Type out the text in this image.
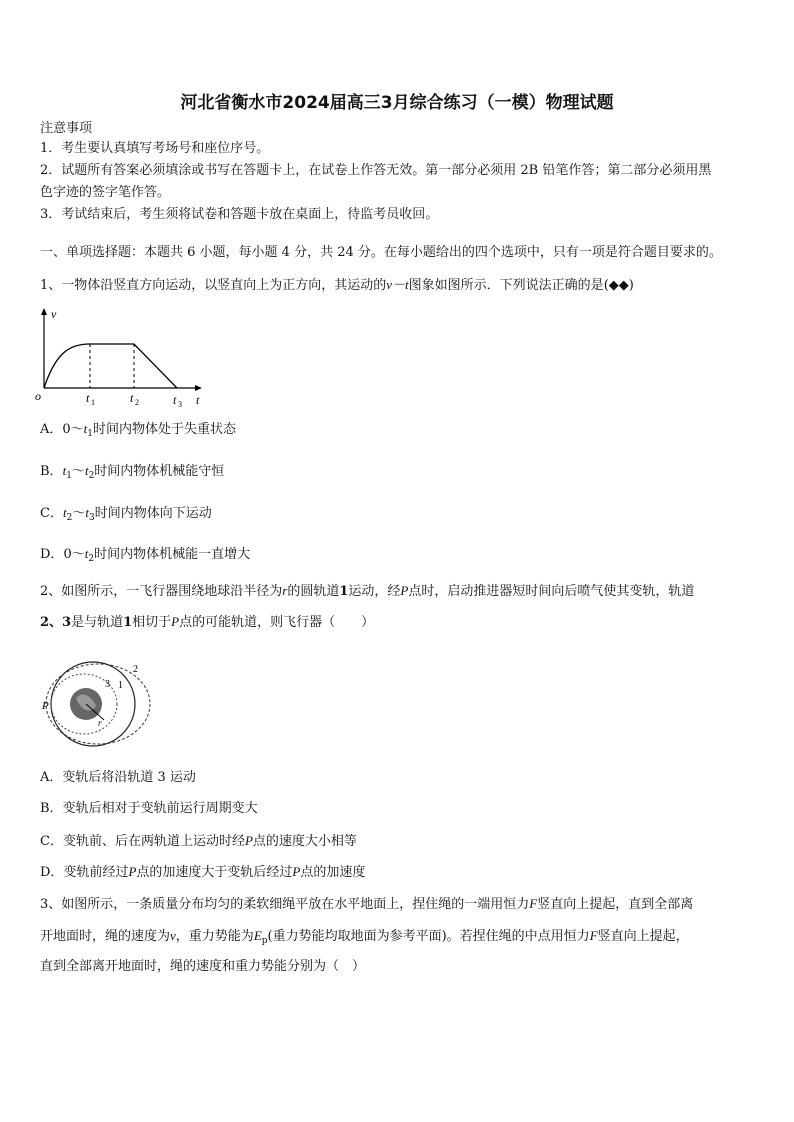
河北省衡水市2024届高三3月综合练习（一模）物理试题
注意事项
1．考生要认真填写考场号和座位序号。
2．试题所有答案必须填涂或书写在答题卡上，在试卷上作答无效。第一部分必须用 2B 铅笔作答；第二部分必须用黑
色字迹的签字笔作答。
3．考试结束后，考生须将试卷和答题卡放在桌面上，待监考员收回。
一、单项选择题：本题共 6 小题，每小题 4 分，共 24 分。在每小题给出的四个选项中，只有一项是符合题目要求的。
1、一物体沿竖直方向运动，以竖直向上为正方向，其运动的v－t图象如图所示．下列说法正确的是(◆◆)
v
o	t
t 1	t 2	t 3
A．$0\sim t_1$时间内物体处于失重状态
B．$t_1\sim t_2$时间内物体机械能守恒
C．$t_2\sim t_3$时间内物体向下运动
D．$0\sim t_2$时间内物体机械能一直增大
2、如图所示，一飞行器围绕地球沿半径为r的圆轨道1运动，经P点时，启动推进器短时间向后喷气使其变轨，轨道
2、3是与轨道1相切于P点的可能轨道，则飞行器（　　）
r
P
2
1
3
A．变轨后将沿轨道 3 运动
B．变轨后相对于变轨前运行周期变大
C．变轨前、后在两轨道上运动时经P点的速度大小相等
D．变轨前经过P点的加速度大于变轨后经过P点的加速度
3、如图所示，一条质量分布均匀的柔软细绳平放在水平地面上，捏住绳的一端用恒力F竖直向上提起，直到全部离
开地面时，绳的速度为v，重力势能为$E_p$(重力势能均取地面为参考平面)。若捏住绳的中点用恒力F竖直向上提起，
直到全部离开地面时，绳的速度和重力势能分别为（　）
